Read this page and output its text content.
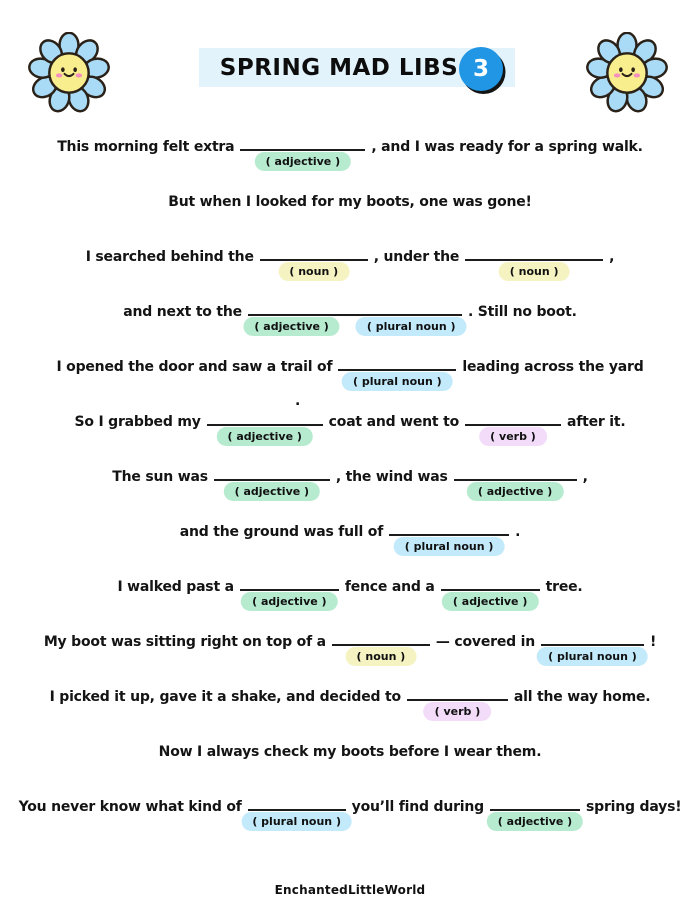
SPRING MAD LIBS 3
This morning felt extra
( adjective )
, and I was ready for a spring walk.
But when I looked for my boots, one was gone!
I searched behind the
( noun )
, under the
( noun )
,
and next to the
( adjective )	( plural noun )
. Still no boot.
I opened the door and saw a trail of
( plural noun )
leading across the yard
.
So I grabbed my
( adjective )
coat and went to
( verb )
after it.
The sun was
( adjective )
, the wind was
( adjective )
,
and the ground was full of
( plural noun )
.
I walked past a
( adjective )
fence and a
( adjective )
tree.
My boot was sitting right on top of a
( noun )
— covered in
( plural noun )
!
I picked it up, gave it a shake, and decided to
( verb )
all the way home.
Now I always check my boots before I wear them.
You never know what kind of
( plural noun )
you’ll find during
( adjective )
spring days!
EnchantedLittleWorld
